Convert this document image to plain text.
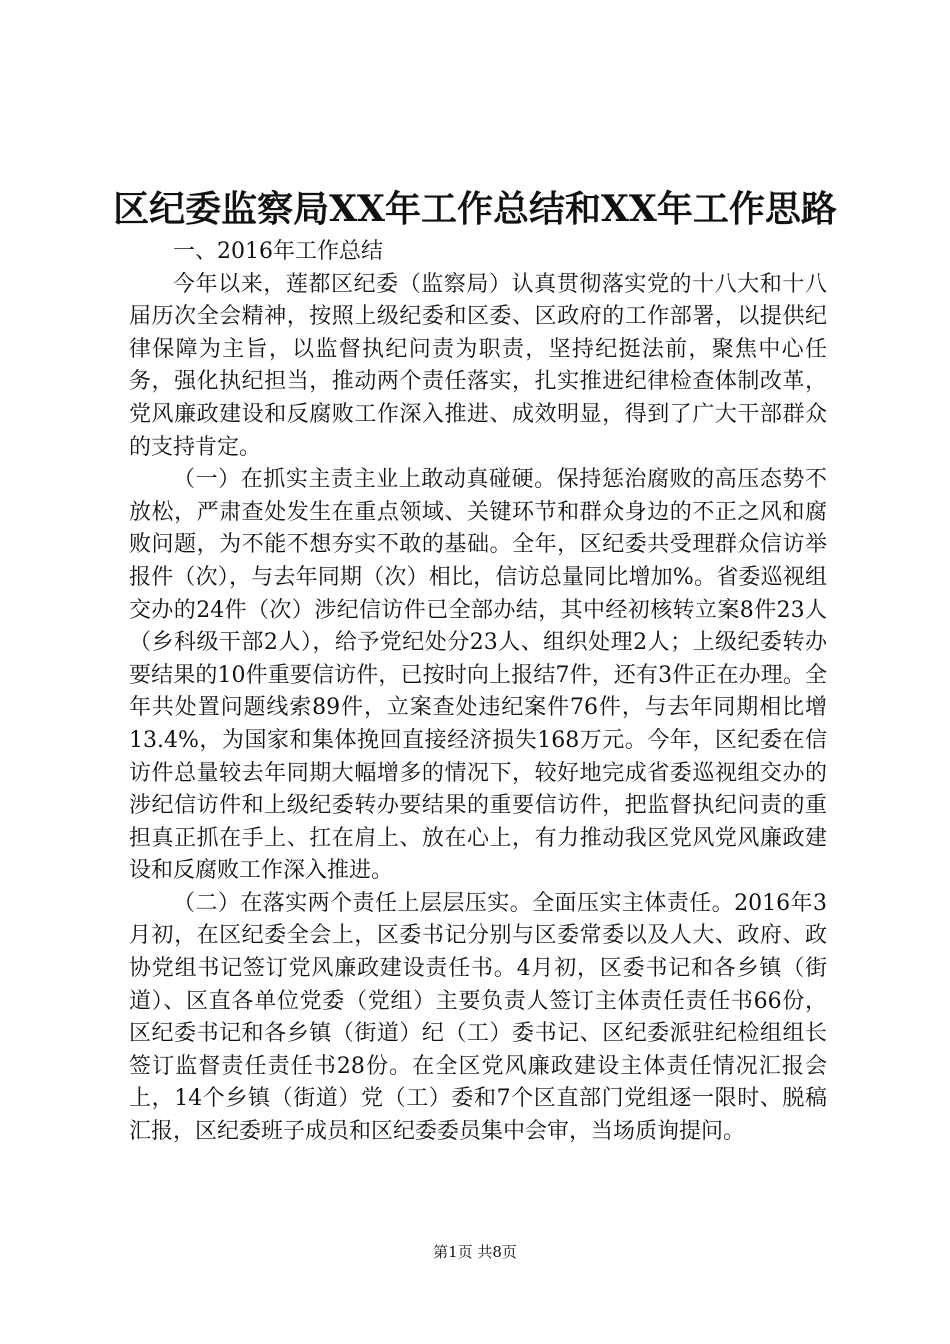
区纪委监察局XX年工作总结和XX年工作思路

一、2016年工作总结

今年以来，莲都区纪委（监察局）认真贯彻落实党的十八大和十八届历次全会精神，按照上级纪委和区委、区政府的工作部署，以提供纪律保障为主旨，以监督执纪问责为职责，坚持纪挺法前，聚焦中心任务，强化执纪担当，推动两个责任落实，扎实推进纪律检查体制改革，党风廉政建设和反腐败工作深入推进、成效明显，得到了广大干部群众的支持肯定。

（一）在抓实主责主业上敢动真碰硬。保持惩治腐败的高压态势不放松，严肃查处发生在重点领域、关键环节和群众身边的不正之风和腐败问题，为不能不想夯实不敢的基础。全年，区纪委共受理群众信访举报件（次），与去年同期（次）相比，信访总量同比增加%。省委巡视组交办的24件（次）涉纪信访件已全部办结，其中经初核转立案8件23人（乡科级干部2人），给予党纪处分23人、组织处理2人；上级纪委转办要结果的10件重要信访件，已按时向上报结7件，还有3件正在办理。全年共处置问题线索89件，立案查处违纪案件76件，与去年同期相比增13.4%，为国家和集体挽回直接经济损失168万元。今年，区纪委在信访件总量较去年同期大幅增多的情况下，较好地完成省委巡视组交办的涉纪信访件和上级纪委转办要结果的重要信访件，把监督执纪问责的重担真正抓在手上、扛在肩上、放在心上，有力推动我区党风党风廉政建设和反腐败工作深入推进。

（二）在落实两个责任上层层压实。全面压实主体责任。2016年3月初，在区纪委全会上，区委书记分别与区委常委以及人大、政府、政协党组书记签订党风廉政建设责任书。4月初，区委书记和各乡镇（街道）、区直各单位党委（党组）主要负责人签订主体责任责任书66份，区纪委书记和各乡镇（街道）纪（工）委书记、区纪委派驻纪检组组长签订监督责任责任书28份。在全区党风廉政建设主体责任情况汇报会上，14个乡镇（街道）党（工）委和7个区直部门党组逐一限时、脱稿汇报，区纪委班子成员和区纪委委员集中会审，当场质询提问。

第1页 共8页
